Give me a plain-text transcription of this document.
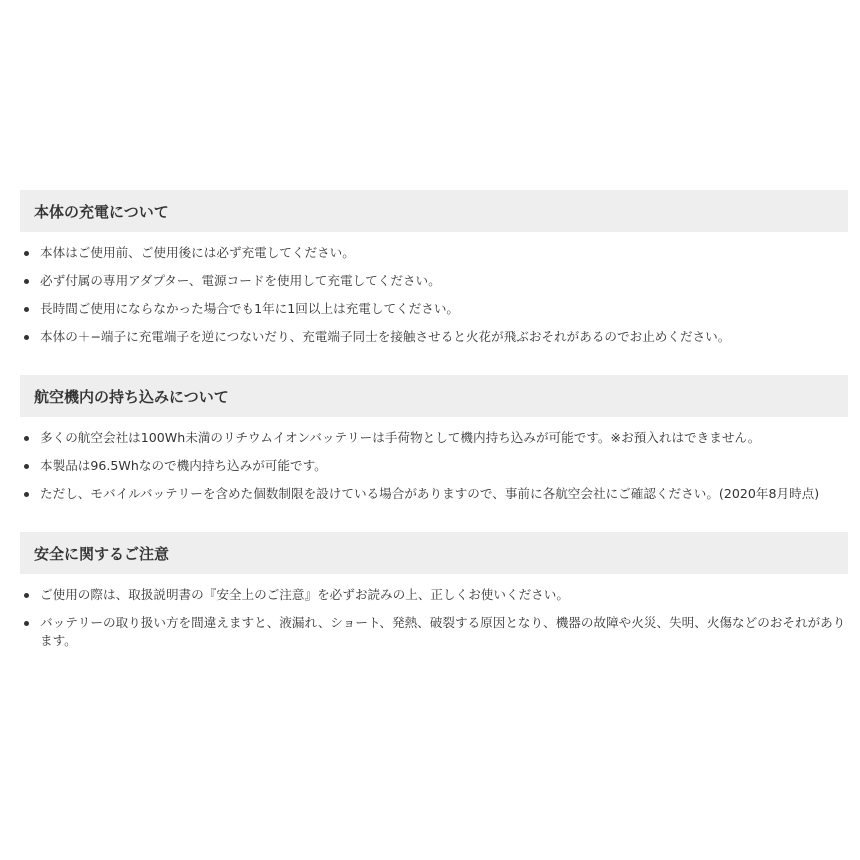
本体の充電について
本体はご使用前、ご使用後には必ず充電してください。
必ず付属の専用アダプター、電源コードを使用して充電してください。
長時間ご使用にならなかった場合でも1年に1回以上は充電してください。
本体の＋−端子に充電端子を逆につないだり、充電端子同士を接触させると火花が飛ぶおそれがあるのでお止めください。
航空機内の持ち込みについて
多くの航空会社は100Wh未満のリチウムイオンバッテリーは手荷物として機内持ち込みが可能です。※お預入れはできません。
本製品は96.5Whなので機内持ち込みが可能です。
ただし、モバイルバッテリーを含めた個数制限を設けている場合がありますので、事前に各航空会社にご確認ください。(2020年8月時点)
安全に関するご注意
ご使用の際は、取扱説明書の『安全上のご注意』を必ずお読みの上、正しくお使いください。
バッテリーの取り扱い方を間違えますと、液漏れ、ショート、発熱、破裂する原因となり、機器の故障や火災、失明、火傷などのおそれがあります。
